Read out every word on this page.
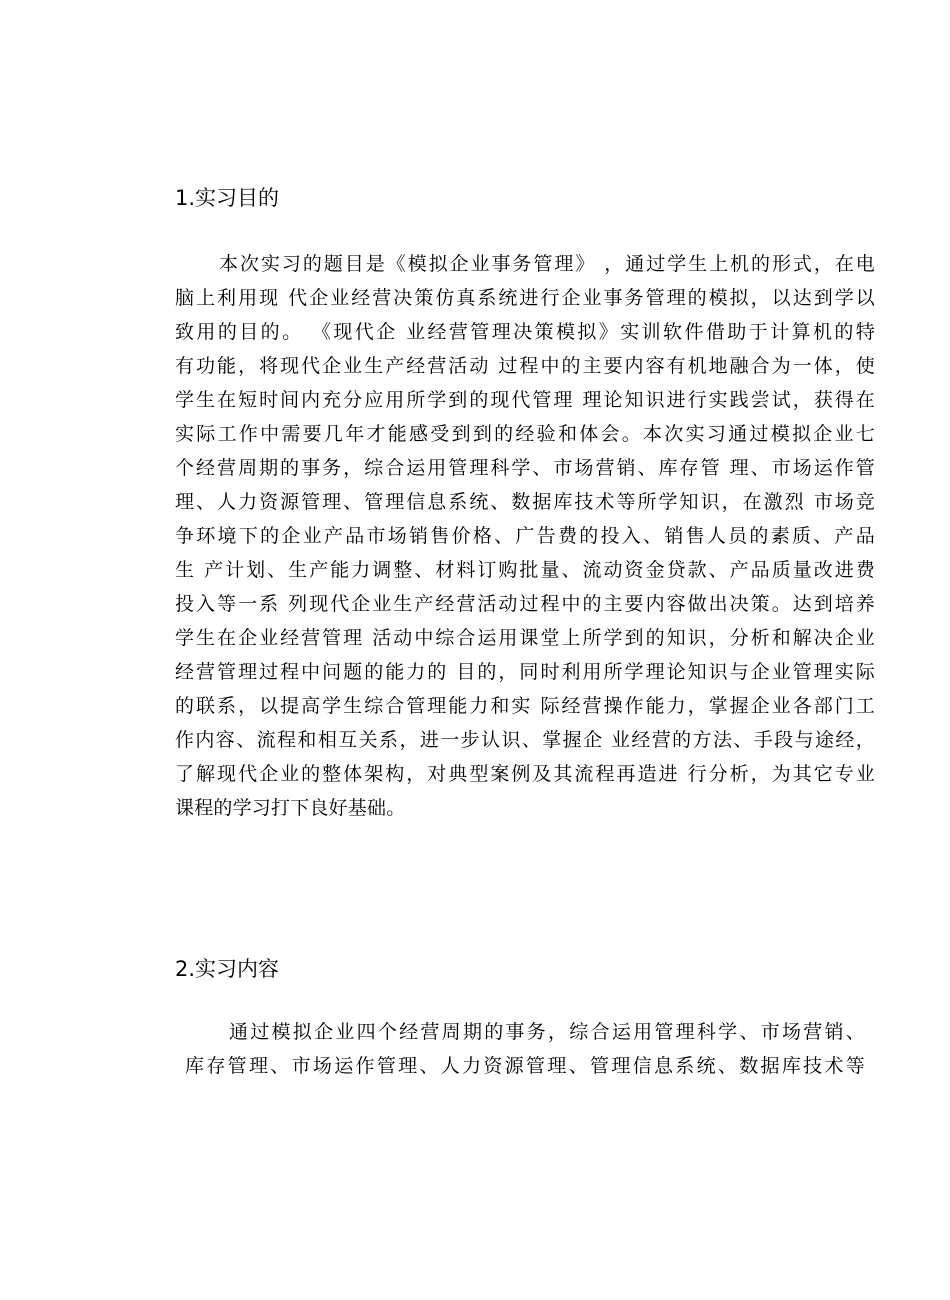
1.实习目的
本次实习的题目是《模拟企业事务管理》 ，通过学生上机的形式，在电
脑上利用现 代企业经营决策仿真系统进行企业事务管理的模拟，以达到学以
致用的目的。 《现代企 业经营管理决策模拟》实训软件借助于计算机的特
有功能，将现代企业生产经营活动 过程中的主要内容有机地融合为一体，使
学生在短时间内充分应用所学到的现代管理 理论知识进行实践尝试，获得在
实际工作中需要几年才能感受到到的经验和体会。本次实习通过模拟企业七
个经营周期的事务，综合运用管理科学、市场营销、库存管 理、市场运作管
理、人力资源管理、管理信息系统、数据库技术等所学知识，在激烈 市场竞
争环境下的企业产品市场销售价格、广告费的投入、销售人员的素质、产品
生 产计划、生产能力调整、材料订购批量、流动资金贷款、产品质量改进费
投入等一系 列现代企业生产经营活动过程中的主要内容做出决策。达到培养
学生在企业经营管理 活动中综合运用课堂上所学到的知识，分析和解决企业
经营管理过程中问题的能力的 目的，同时利用所学理论知识与企业管理实际
的联系，以提高学生综合管理能力和实 际经营操作能力，掌握企业各部门工
作内容、流程和相互关系，进一步认识、掌握企 业经营的方法、手段与途经，
了解现代企业的整体架构，对典型案例及其流程再造进 行分析，为其它专业
课程的学习打下良好基础。
2.实习内容
通过模拟企业四个经营周期的事务，综合运用管理科学、市场营销、
库存管理、市场运作管理、人力资源管理、管理信息系统、数据库技术等
